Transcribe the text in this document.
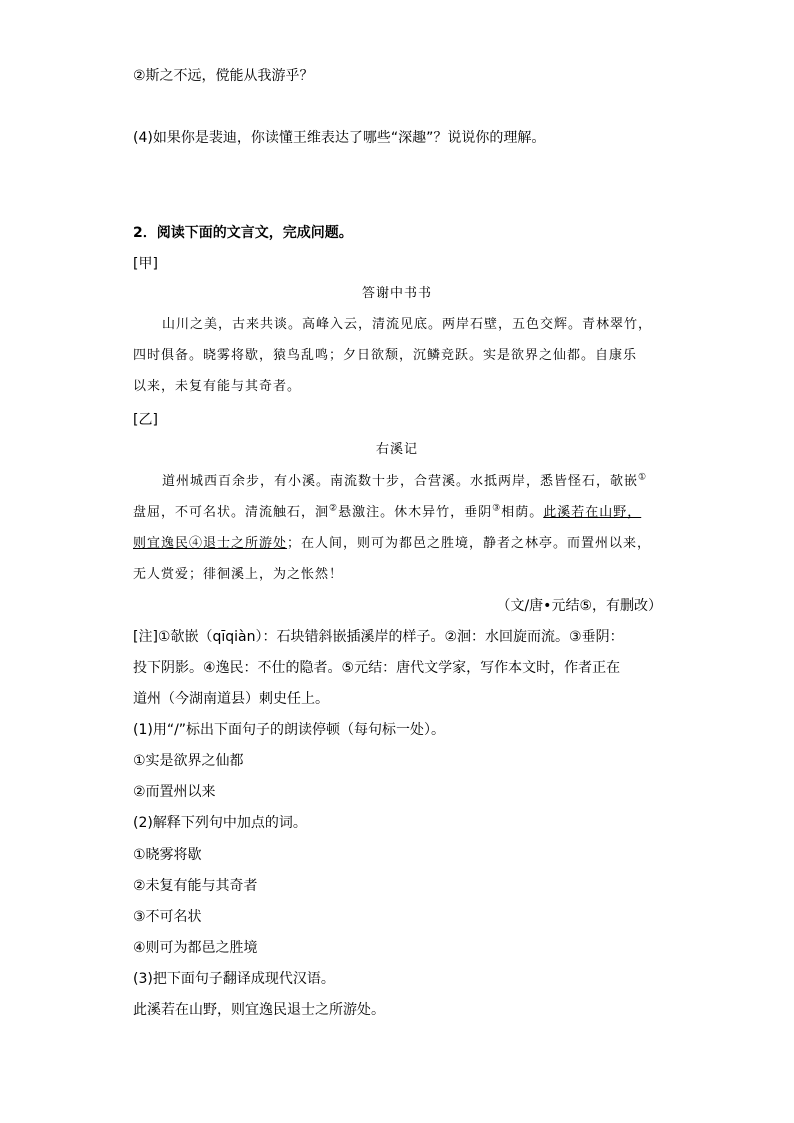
②斯之不远，傥能从我游乎？
(4)如果你是裴迪，你读懂王维表达了哪些“深趣”？说说你的理解。
2．阅读下面的文言文，完成问题。
[甲]
答谢中书书
山川之美，古来共谈。高峰入云，清流见底。两岸石壁，五色交辉。青林翠竹，
四时俱备。晓雾将歇，猿鸟乱鸣；夕日欲颓，沉鳞竞跃。实是欲界之仙都。自康乐
以来，未复有能与其奇者。
[乙]
右溪记
道州城西百余步，有小溪。南流数十步，合营溪。水抵两岸，悉皆怪石，欹嵌①
盘屈，不可名状。清流触石，洄②悬激注。休木异竹，垂阴③相荫。此溪若在山野，
则宜逸民④退士之所游处；在人间，则可为都邑之胜境，静者之林亭。而置州以来，
无人赏爱；徘徊溪上，为之怅然！
（文/唐•元结⑤，有删改）
[注]①欹嵌（qīqiàn）：石块错斜嵌插溪岸的样子。②洄：水回旋而流。③垂阴：
投下阴影。④逸民：不仕的隐者。⑤元结：唐代文学家，写作本文时，作者正在
道州（今湖南道县）刺史任上。
(1)用“/”标出下面句子的朗读停顿（每句标一处）。
①实是欲界之仙都
②而置州以来
(2)解释下列句中加点的词。
①晓雾将歇
②未复有能与其奇者
③不可名状
④则可为都邑之胜境
(3)把下面句子翻译成现代汉语。
此溪若在山野，则宜逸民退士之所游处。
